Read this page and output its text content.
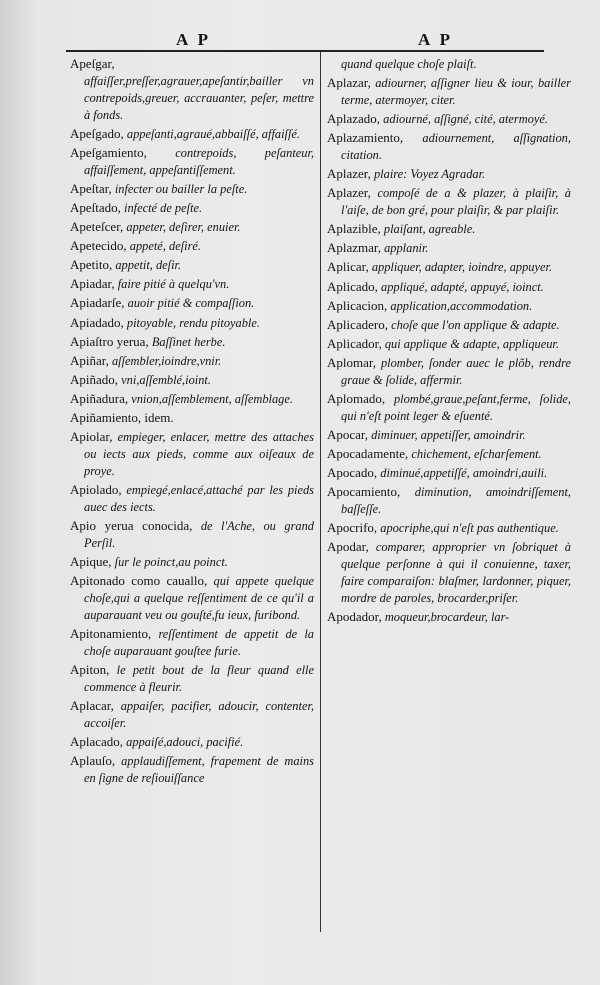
A P	A P

Apeſgar, affaiſſer,preſſer,agrauer,apeſantir,bailler vn contrepoids,greuer, accrauanter, peſer, mettre à fonds.

Apeſgado, appeſanti,agraué,abbaiſſé, affaiſſé.

Apeſgamiento, contrepoids, peſanteur, affaiſſement, appeſantiſſement.

Apeſtar, infecter ou bailler la peſte.

Apeſtado, infecté de peſte.

Apeteſcer, appeter, deſirer, enuier.

Apetecido, appeté, deſiré.

Apetito, appetit, deſir.

Apiadar, faire pitié à quelqu'vn.

Apiadarſe, auoir pitié & compaſſion.

Apiadado, pitoyable, rendu pitoyable.

Apiaſtro yerua, Baſſinet herbe.

Apiñar, aſſembler,ioindre,vnir.

Apiñado, vni,aſſemblé,ioint.

Apiñadura, vnion,aſſemblement, aſſemblage.

Apiñamiento, idem.

Apiolar, empieger, enlacer, mettre des attaches ou iects aux pieds, comme aux oiſeaux de proye.

Apiolado, empiegé,enlacé,attaché par les pieds auec des iects.

Apio yerua conocida, de l'Ache, ou grand Perſil.

Apique, ſur le poinct,au poinct.

Apitonado como cauallo, qui appete quelque choſe,qui a quelque reſſentiment de ce qu'il a auparauant veu ou gouſté,fu ieux, furibond.

Apitonamiento, reſſentiment de appetit de la choſe auparauant gouſtee furie.

Apiton, le petit bout de la fleur quand elle commence à fleurir.

Aplacar, appaiſer, pacifier, adoucir, contenter, accoiſer.

Aplacado, appaiſé,adouci, pacifié.

Aplauſo, applaudiſſement, frapement de mains en ſigne de reſiouiſſance

quand quelque choſe plaiſt.

Aplazar, adiourner, aſſigner lieu & iour, bailler terme, atermoyer, citer.

Aplazado, adiourné, aſſigné, cité, atermoyé.

Aplazamiento, adiournement, aſſignation, citation.

Aplazer, plaire: Voyez Agradar.

Aplazer, compoſé de a & plazer, à plaiſir, à l'aiſe, de bon gré, pour plaiſir, & par plaiſir.

Aplazible, plaiſant, agreable.

Aplazmar, applanir.

Aplicar, appliquer, adapter, ioindre, appuyer.

Aplicado, appliqué, adapté, appuyé, ioinct.

Aplicacion, application,accommodation.

Aplicadero, choſe que l'on applique & adapte.

Aplicador, qui applique & adapte, appliqueur.

Aplomar, plomber, ſonder auec le plõb, rendre graue & ſolide, affermir.

Aplomado, plombé,graue,peſant,ferme, ſolide, qui n'eſt point leger & eſuenté.

Apocar, diminuer, appetiſſer, amoindrir.

Apocadamente, chichement, eſcharſement.

Apocado, diminué,appetiſſé, amoindri,auili.

Apocamiento, diminution, amoindriſſement, baſſeſſe.

Apocrifo, apocriphe,qui n'eſt pas authentique.

Apodar, comparer, approprier vn ſobriquet à quelque perſonne à qui il conuienne, taxer, faire comparaiſon: blaſmer, lardonner, piquer, mordre de paroles, brocarder,priſer.

Apodador, moqueur,brocardeur, lar-
